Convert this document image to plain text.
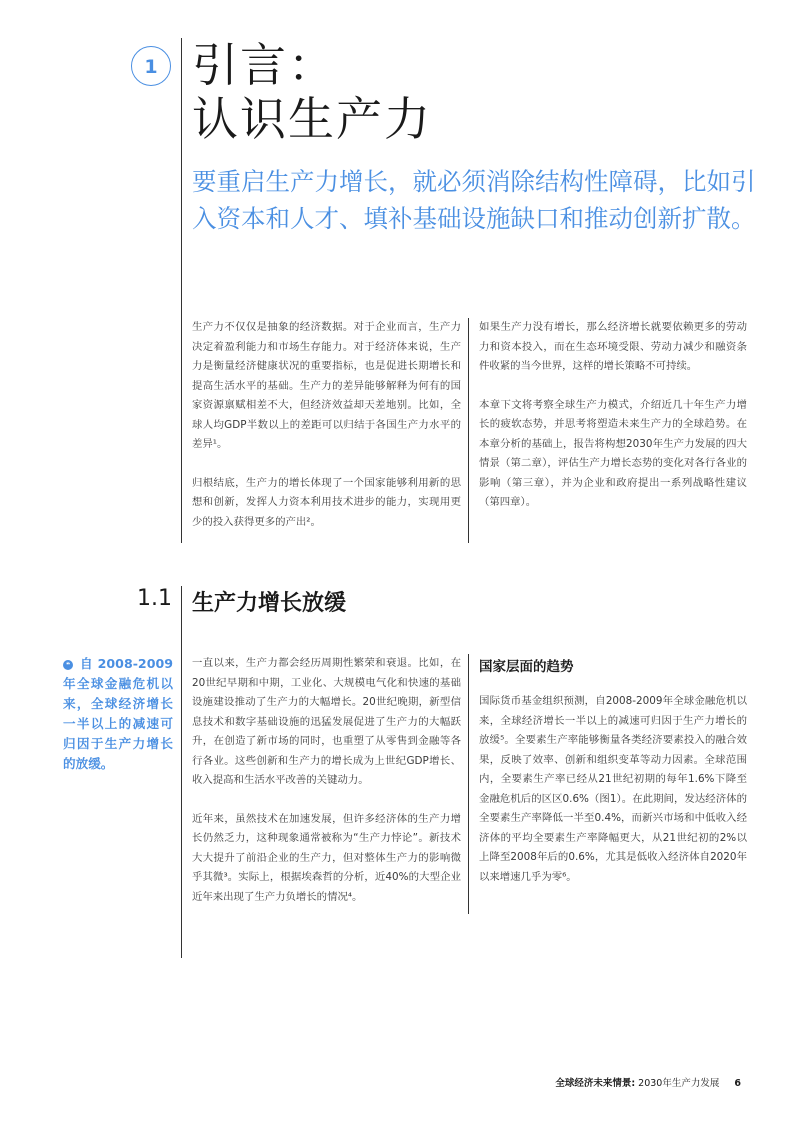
1 引言：
认识生产力
要重启生产力增长，就必须消除结构性障碍，比如引入资本和人才、填补基础设施缺口和推动创新扩散。

生产力不仅仅是抽象的经济数据。对于企业而言，生产力决定着盈利能力和市场生存能力。对于经济体来说，生产力是衡量经济健康状况的重要指标，也是促进长期增长和提高生活水平的基础。生产力的差异能够解释为何有的国家资源禀赋相差不大，但经济效益却天差地别。比如，全球人均GDP半数以上的差距可以归结于各国生产力水平的差异¹。

归根结底，生产力的增长体现了一个国家能够利用新的思想和创新，发挥人力资本利用技术进步的能力，实现用更少的投入获得更多的产出²。

如果生产力没有增长，那么经济增长就要依赖更多的劳动力和资本投入，而在生态环境受限、劳动力减少和融资条件收紧的当今世界，这样的增长策略不可持续。

本章下文将考察全球生产力模式，介绍近几十年生产力增长的疲软态势，并思考将塑造未来生产力的全球趋势。在本章分析的基础上，报告将构想2030年生产力发展的四大情景（第二章），评估生产力增长态势的变化对各行各业的影响（第三章），并为企业和政府提出一系列战略性建议（第四章）。

1.1 生产力增长放缓
❝ 自2008-2009年全球金融危机以来，全球经济增长一半以上的减速可归因于生产力增长的放缓。

一直以来，生产力都会经历周期性繁荣和衰退。比如，在20世纪早期和中期，工业化、大规模电气化和快速的基础设施建设推动了生产力的大幅增长。20世纪晚期，新型信息技术和数字基础设施的迅猛发展促进了生产力的大幅跃升，在创造了新市场的同时，也重塑了从零售到金融等各行各业。这些创新和生产力的增长成为上世纪GDP增长、收入提高和生活水平改善的关键动力。

近年来，虽然技术在加速发展，但许多经济体的生产力增长仍然乏力，这种现象通常被称为“生产力悖论”。新技术大大提升了前沿企业的生产力，但对整体生产力的影响微乎其微³。实际上，根据埃森哲的分析，近40%的大型企业近年来出现了生产力负增长的情况⁴。

国家层面的趋势

国际货币基金组织预测，自2008-2009年全球金融危机以来，全球经济增长一半以上的减速可归因于生产力增长的放缓⁵。全要素生产率能够衡量各类经济要素投入的融合效果，反映了效率、创新和组织变革等动力因素。全球范围内，全要素生产率已经从21世纪初期的每年1.6%下降至金融危机后的区区0.6%（图1）。在此期间，发达经济体的全要素生产率降低一半至0.4%，而新兴市场和中低收入经济体的平均全要素生产率降幅更大，从21世纪初的2%以上降至2008年后的0.6%，尤其是低收入经济体自2020年以来增速几乎为零⁶。

全球经济未来情景: 2030年生产力发展 6
